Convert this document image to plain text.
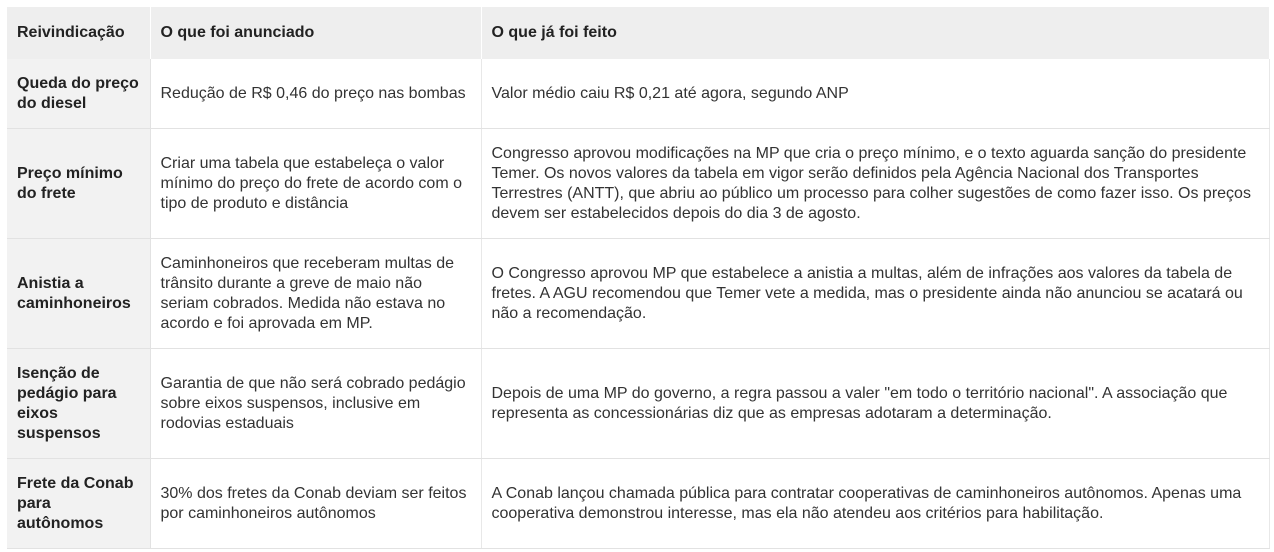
Reivindicação	O que foi anunciado	O que já foi feito
Queda do preço do diesel	Redução de R$ 0,46 do preço nas bombas	Valor médio caiu R$ 0,21 até agora, segundo ANP
Preço mínimo do frete	Criar uma tabela que estabeleça o valor mínimo do preço do frete de acordo com o tipo de produto e distância	Congresso aprovou modificações na MP que cria o preço mínimo, e o texto aguarda sanção do presidente Temer. Os novos valores da tabela em vigor serão definidos pela Agência Nacional dos Transportes Terrestres (ANTT), que abriu ao público um processo para colher sugestões de como fazer isso. Os preços devem ser estabelecidos depois do dia 3 de agosto.
Anistia a caminhoneiros	Caminhoneiros que receberam multas de trânsito durante a greve de maio não seriam cobrados. Medida não estava no acordo e foi aprovada em MP.	O Congresso aprovou MP que estabelece a anistia a multas, além de infrações aos valores da tabela de fretes. A AGU recomendou que Temer vete a medida, mas o presidente ainda não anunciou se acatará ou não a recomendação.
Isenção de pedágio para eixos suspensos	Garantia de que não será cobrado pedágio sobre eixos suspensos, inclusive em rodovias estaduais	Depois de uma MP do governo, a regra passou a valer "em todo o território nacional". A associação que representa as concessionárias diz que as empresas adotaram a determinação.
Frete da Conab para autônomos	30% dos fretes da Conab deviam ser feitos por caminhoneiros autônomos	A Conab lançou chamada pública para contratar cooperativas de caminhoneiros autônomos. Apenas uma cooperativa demonstrou interesse, mas ela não atendeu aos critérios para habilitação.
